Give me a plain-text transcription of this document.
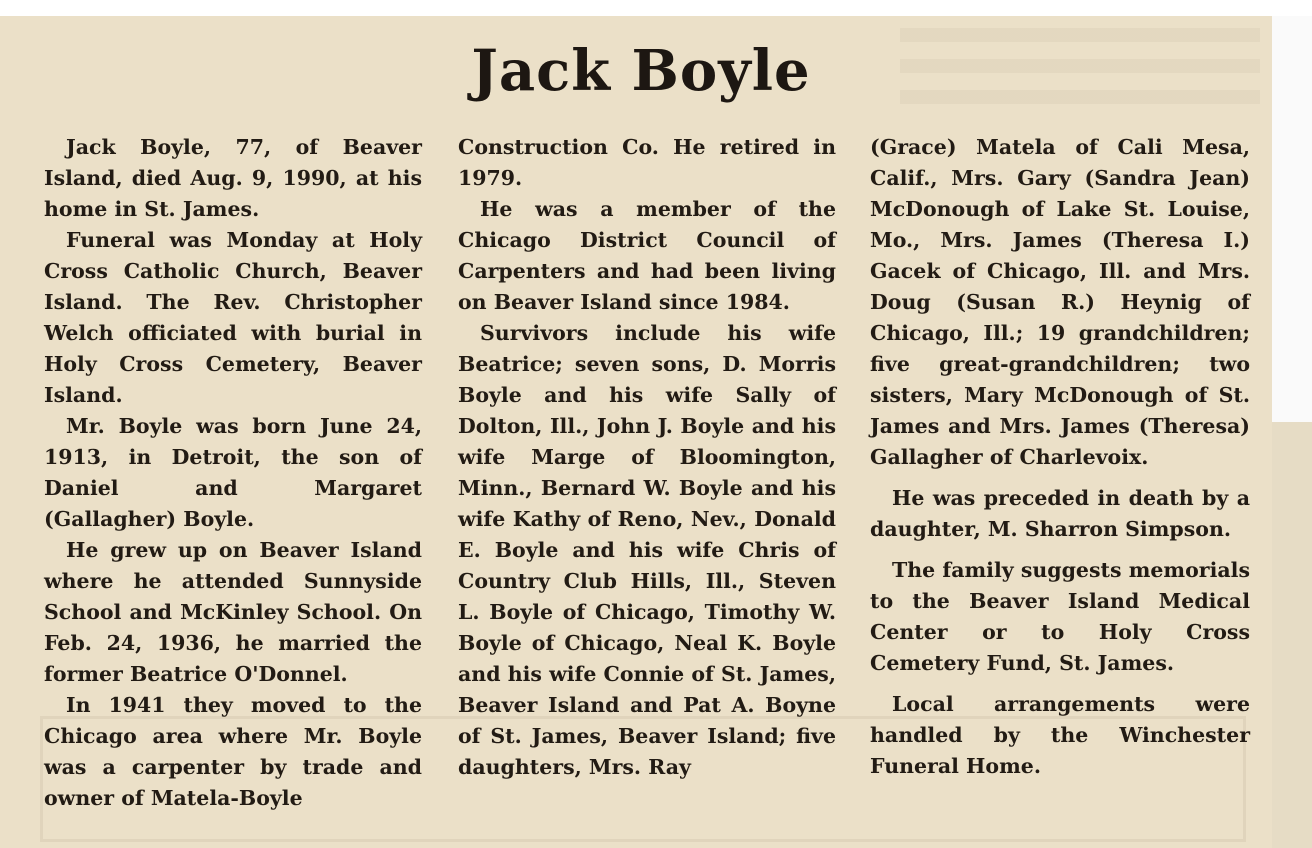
Jack Boyle

Jack Boyle, 77, of Beaver Island, died Aug. 9, 1990, at his home in St. James.

Funeral was Monday at Holy Cross Catholic Church, Beaver Island. The Rev. Christopher Welch officiated with burial in Holy Cross Cemetery, Beaver Island.

Mr. Boyle was born June 24, 1913, in Detroit, the son of Daniel and Margaret (Gallagher) Boyle.

He grew up on Beaver Island where he attended Sunnyside School and McKinley School. On Feb. 24, 1936, he married the former Beatrice O'Donnel.

In 1941 they moved to the Chicago area where Mr. Boyle was a carpenter by trade and owner of Matela-Boyle

Construction Co. He retired in 1979.

He was a member of the Chicago District Council of Carpenters and had been living on Beaver Island since 1984.

Survivors include his wife Beatrice; seven sons, D. Morris Boyle and his wife Sally of Dolton, Ill., John J. Boyle and his wife Marge of Bloomington, Minn., Bernard W. Boyle and his wife Kathy of Reno, Nev., Donald E. Boyle and his wife Chris of Country Club Hills, Ill., Steven L. Boyle of Chicago, Timothy W. Boyle of Chicago, Neal K. Boyle and his wife Connie of St. James, Beaver Island and Pat A. Boyne of St. James, Beaver Island; five daughters, Mrs. Ray

(Grace) Matela of Cali Mesa, Calif., Mrs. Gary (Sandra Jean) McDonough of Lake St. Louise, Mo., Mrs. James (Theresa I.) Gacek of Chicago, Ill. and Mrs. Doug (Susan R.) Heynig of Chicago, Ill.; 19 grandchildren; five great-grandchildren; two sisters, Mary McDonough of St. James and Mrs. James (Theresa) Gallagher of Charlevoix.

He was preceded in death by a daughter, M. Sharron Simpson.

The family suggests memorials to the Beaver Island Medical Center or to Holy Cross Cemetery Fund, St. James.

Local arrangements were handled by the Winchester Funeral Home.
